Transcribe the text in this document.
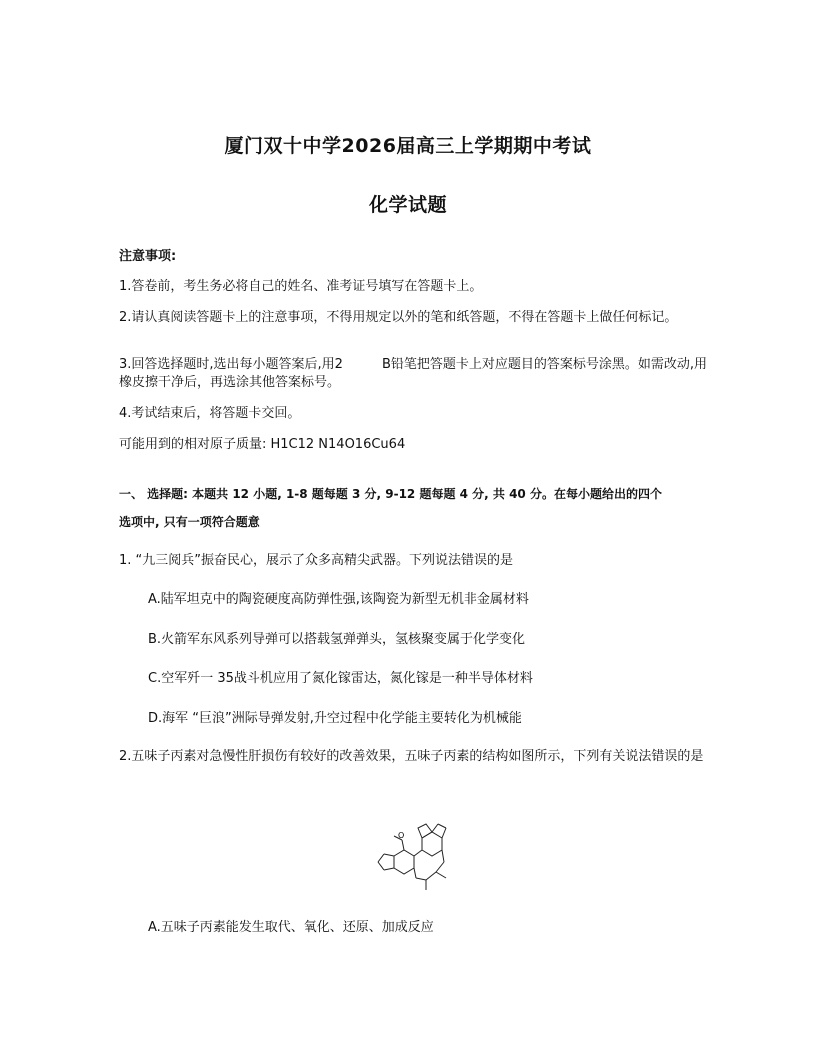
厦门双十中学2026届高三上学期期中考试
化学试题
注意事项:
1.答卷前，考生务必将自己的姓名、准考证号填写在答题卡上。
2.请认真阅读答题卡上的注意事项，不得用规定以外的笔和纸答题，不得在答题卡上做任何标记。
3.回答选择题时,选出每小题答案后,用2　　　B铅笔把答题卡上对应题目的答案标号涂黑。如需改动,用橡皮擦干净后，再选涂其他答案标号。
4.考试结束后，将答题卡交回。
可能用到的相对原子质量: H1C12 N14O16Cu64
一、 选择题: 本题共 12 小题, 1-8 题每题 3 分, 9-12 题每题 4 分, 共 40 分。在每小题给出的四个
选项中, 只有一项符合题意
1. “九三阅兵”振奋民心，展示了众多高精尖武器。下列说法错误的是
A.陆军坦克中的陶瓷硬度高防弹性强,该陶瓷为新型无机非金属材料
B.火箭军东风系列导弹可以搭载氢弹弹头，氢核聚变属于化学变化
C.空军歼一 35战斗机应用了氮化镓雷达，氮化镓是一种半导体材料
D.海军 “巨浪”洲际导弹发射,升空过程中化学能主要转化为机械能
2.五味子丙素对急慢性肝损伤有较好的改善效果，五味子丙素的结构如图所示，下列有关说法错误的是
O
A.五味子丙素能发生取代、氧化、还原、加成反应
